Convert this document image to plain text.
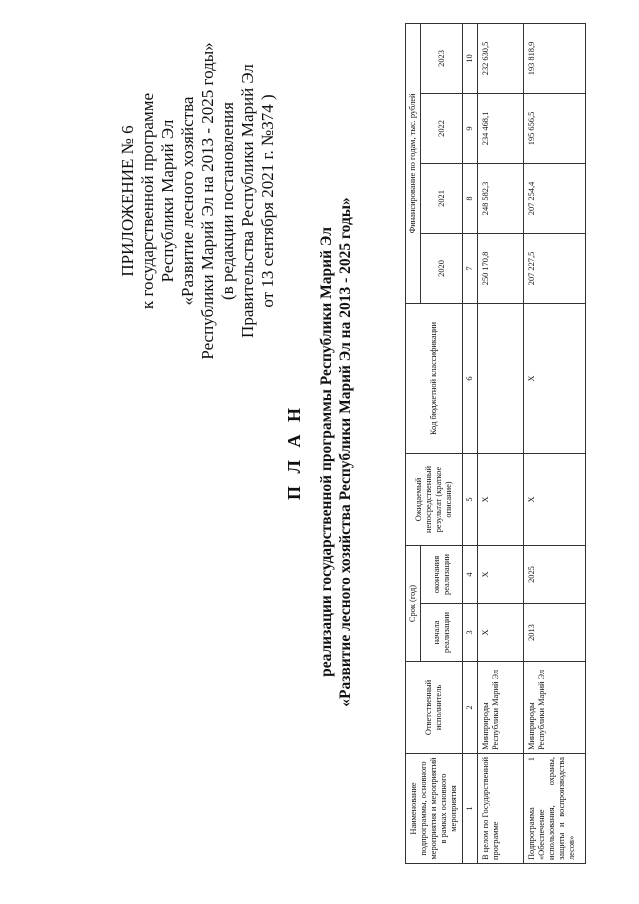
ПРИЛОЖЕНИЕ № 6 к государственной программе Республики Марий Эл «Развитие лесного хозяйства Республики Марий Эл на 2013 - 2025 годы» (в редакции постановления Правительства Республики Марий Эл от 13 сентября 2021 г. №374 )
П Л А Н реализации государственной программы Республики Марий Эл «Развитие лесного хозяйства Республики Марий Эл на 2013 - 2025 годы»
Наименование подпрограммы, основного мероприятия и мероприятий в рамках основного мероприятия	Ответственный исполнитель	Срок (год)		Ожидаемый непосредственный результат (краткое описание)	Код бюджетной классификации	Финансирование по годам, тыс. рублей			
		начала реализации	окончания реализации			2020	2021	2022	2023
1	2	3	4	5	6	7	8	9	10
В целом по Государственной программе	Минприроды Республики Марий Эл	Х	Х	Х		250 170,8	248 582,3	234 468,1	232 630,5
Подпрограмма 1 «Обеспечение использования, охраны, защиты и воспроизводства лесов»	Минприроды Республики Марий Эл	2013	2025	Х	Х	207 227,5	207 254,4	195 656,5	193 818,9
